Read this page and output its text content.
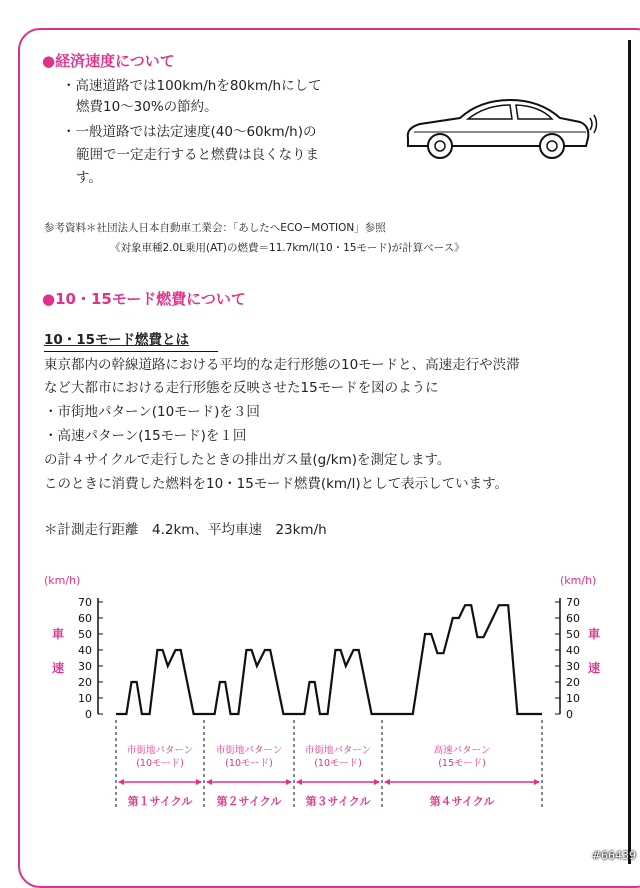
●経済速度について
・高速道路では100km/hを80km/hにして
燃費10〜30%の節約。
・一般道路では法定速度(40〜60km/h)の
範囲で一定走行すると燃費は良くなりま
す。
参考資料＊社団法人日本自動車工業会：「あしたへECO−MOTION」参照
《対象車種2.0L乗用(AT)の燃費＝11.7km/l(10・15モード)が計算ベース》
●10・15モード燃費について
10・15モード燃費とは
東京都内の幹線道路における平均的な走行形態の10モードと、高速走行や渋滞
など大都市における走行形態を反映させた15モードを図のように
・市街地パターン(10モード)を３回
・高速パターン(15モード)を１回
の計４サイクルで走行したときの排出ガス量(g/km)を測定します。
このときに消費した燃料を10・15モード燃費(km/l)として表示しています。
＊計測走行距離　4.2km、平均車速　23km/h
(km/h)	(km/h)
0	0
10	10
20	20
30	30
40	40
50	50
60	60
70	70
車
速
車
速
市街地パターン
(10モード)
第１サイクル
市街地パターン
(10モード)
第２サイクル
市街地パターン
(10モード)
第３サイクル
高速パターン
(15モード)
第４サイクル
#66439
